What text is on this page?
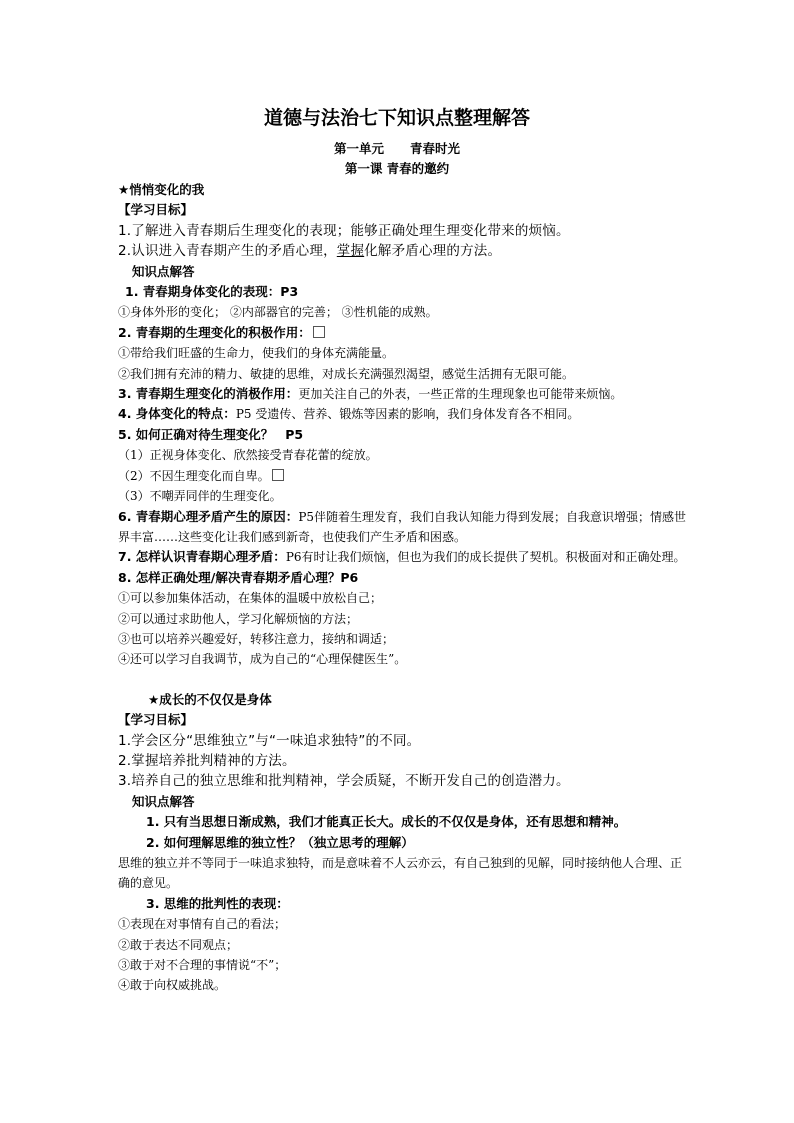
道德与法治七下知识点整理解答
第一单元 青春时光
第一课 青春的邀约
★悄悄变化的我
【学习目标】
1.了解进入青春期后生理变化的表现；能够正确处理生理变化带来的烦恼。
2.认识进入青春期产生的矛盾心理，掌握化解矛盾心理的方法。
知识点解答
1. 青春期身体变化的表现：P3
①身体外形的变化； ②内部器官的完善； ③性机能的成熟。
2. 青春期的生理变化的积极作用：
①带给我们旺盛的生命力，使我们的身体充满能量。
②我们拥有充沛的精力、敏捷的思维，对成长充满强烈渴望，感觉生活拥有无限可能。
3. 青春期生理变化的消极作用：更加关注自己的外表，一些正常的生理现象也可能带来烦恼。
4. 身体变化的特点：P5 受遗传、营养、锻炼等因素的影响，我们身体发育各不相同。
5. 如何正确对待生理变化？ P5
（1）正视身体变化、欣然接受青春花蕾的绽放。
（2）不因生理变化而自卑。
（3）不嘲弄同伴的生理变化。
6. 青春期心理矛盾产生的原因：P5伴随着生理发育，我们自我认知能力得到发展；自我意识增强；情感世界丰富……这些变化让我们感到新奇，也使我们产生矛盾和困惑。
7. 怎样认识青春期心理矛盾：P6有时让我们烦恼，但也为我们的成长提供了契机。积极面对和正确处理。
8. 怎样正确处理/解决青春期矛盾心理？P6
①可以参加集体活动，在集体的温暖中放松自己；
②可以通过求助他人，学习化解烦恼的方法；
③也可以培养兴趣爱好，转移注意力，接纳和调适；
④还可以学习自我调节，成为自己的“心理保健医生”。
★成长的不仅仅是身体
【学习目标】
1.学会区分“思维独立”与“一味追求独特”的不同。
2.掌握培养批判精神的方法。
3.培养自己的独立思维和批判精神，学会质疑，不断开发自己的创造潜力。
知识点解答
1. 只有当思想日渐成熟，我们才能真正长大。成长的不仅仅是身体，还有思想和精神。
2. 如何理解思维的独立性？（独立思考的理解）
思维的独立并不等同于一味追求独特，而是意味着不人云亦云，有自己独到的见解，同时接纳他人合理、正确的意见。
3. 思维的批判性的表现：
①表现在对事情有自己的看法；
②敢于表达不同观点；
③敢于对不合理的事情说“不”；
④敢于向权威挑战。
